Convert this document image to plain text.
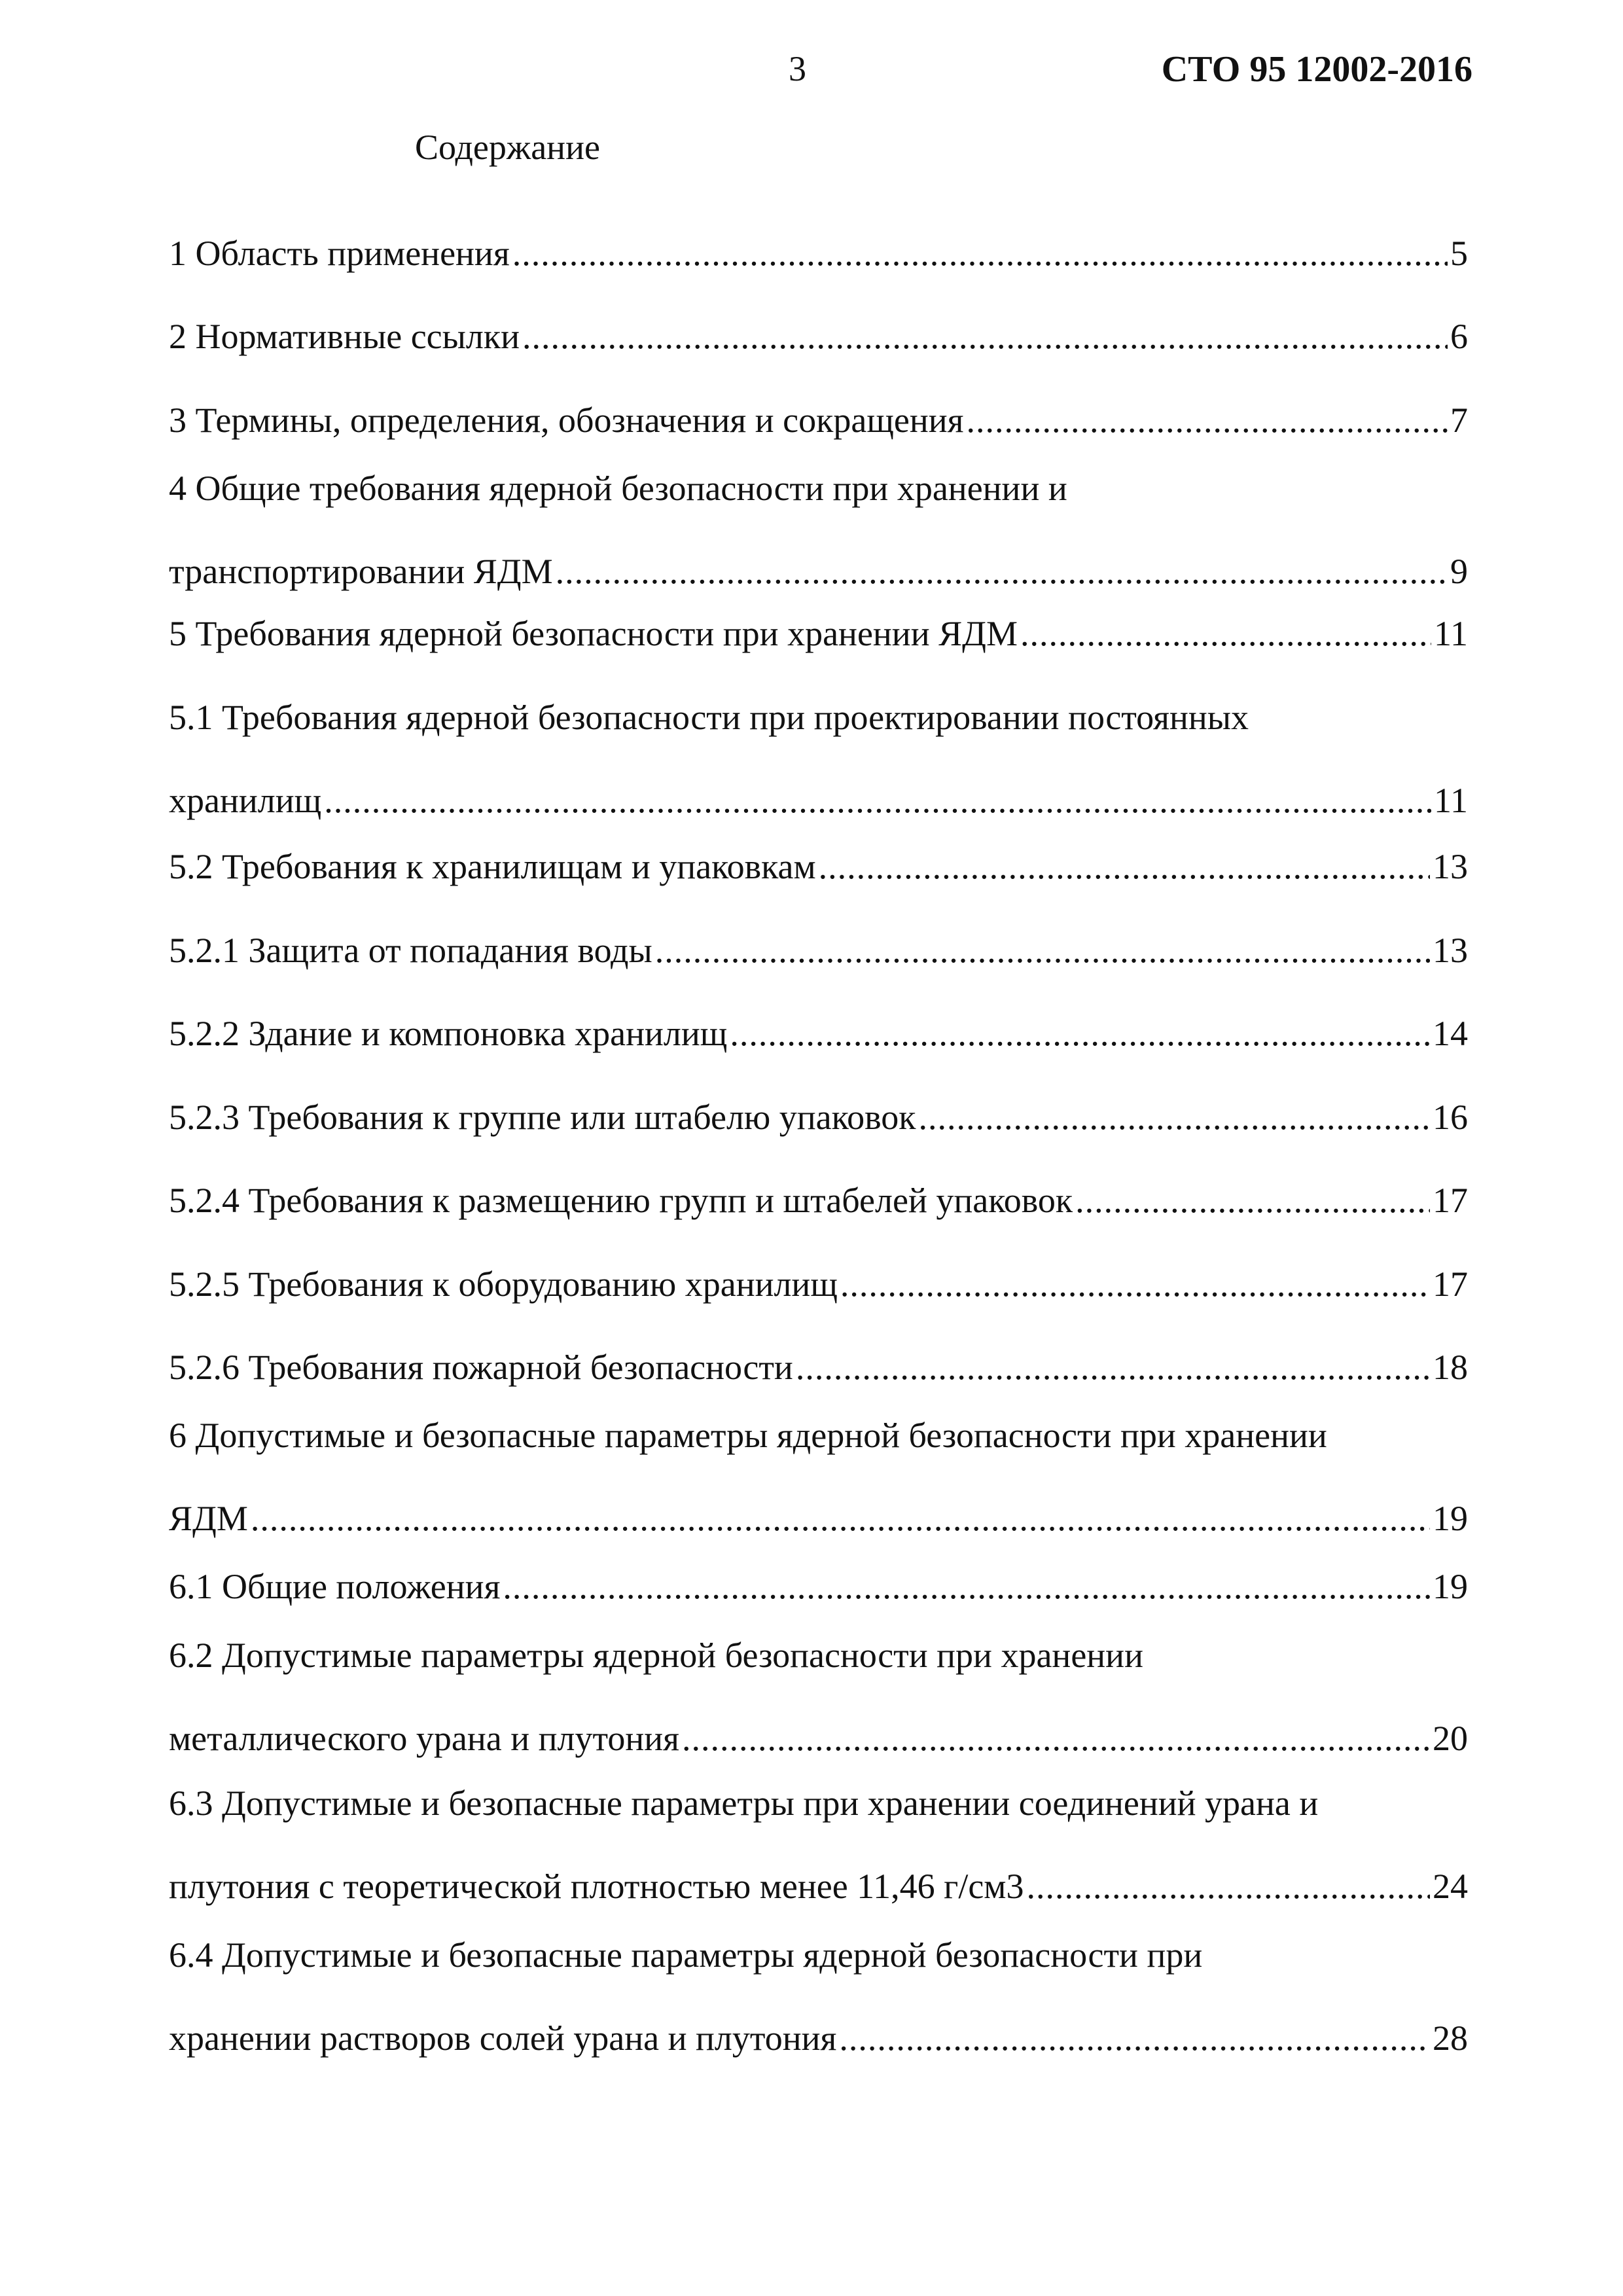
3	СТО 95 12002-2016
Содержание
1 Область применения .....	5
2 Нормативные ссылки .....	6
3 Термины, определения, обозначения и сокращения .....	7
4 Общие требования ядерной безопасности при хранении и
транспортировании ЯДМ .....	9
5 Требования ядерной безопасности при хранении ЯДМ .....	11
5.1 Требования ядерной безопасности при проектировании постоянных
хранилищ .....	11
5.2 Требования к хранилищам и упаковкам .....	13
5.2.1 Защита от попадания воды .....	13
5.2.2 Здание и компоновка хранилищ .....	14
5.2.3 Требования к группе или штабелю упаковок .....	16
5.2.4 Требования к размещению групп и штабелей упаковок .....	17
5.2.5 Требования к оборудованию хранилищ .....	17
5.2.6 Требования пожарной безопасности .....	18
6 Допустимые и безопасные параметры ядерной безопасности при хранении
ЯДМ .....	19
6.1 Общие положения .....	19
6.2 Допустимые параметры ядерной безопасности при хранении
металлического урана и плутония .....	20
6.3 Допустимые и безопасные параметры при хранении соединений урана и
плутония с теоретической плотностью менее 11,46 г/см3 .....	24
6.4 Допустимые и безопасные параметры ядерной безопасности при
хранении растворов солей урана и плутония .....	28
